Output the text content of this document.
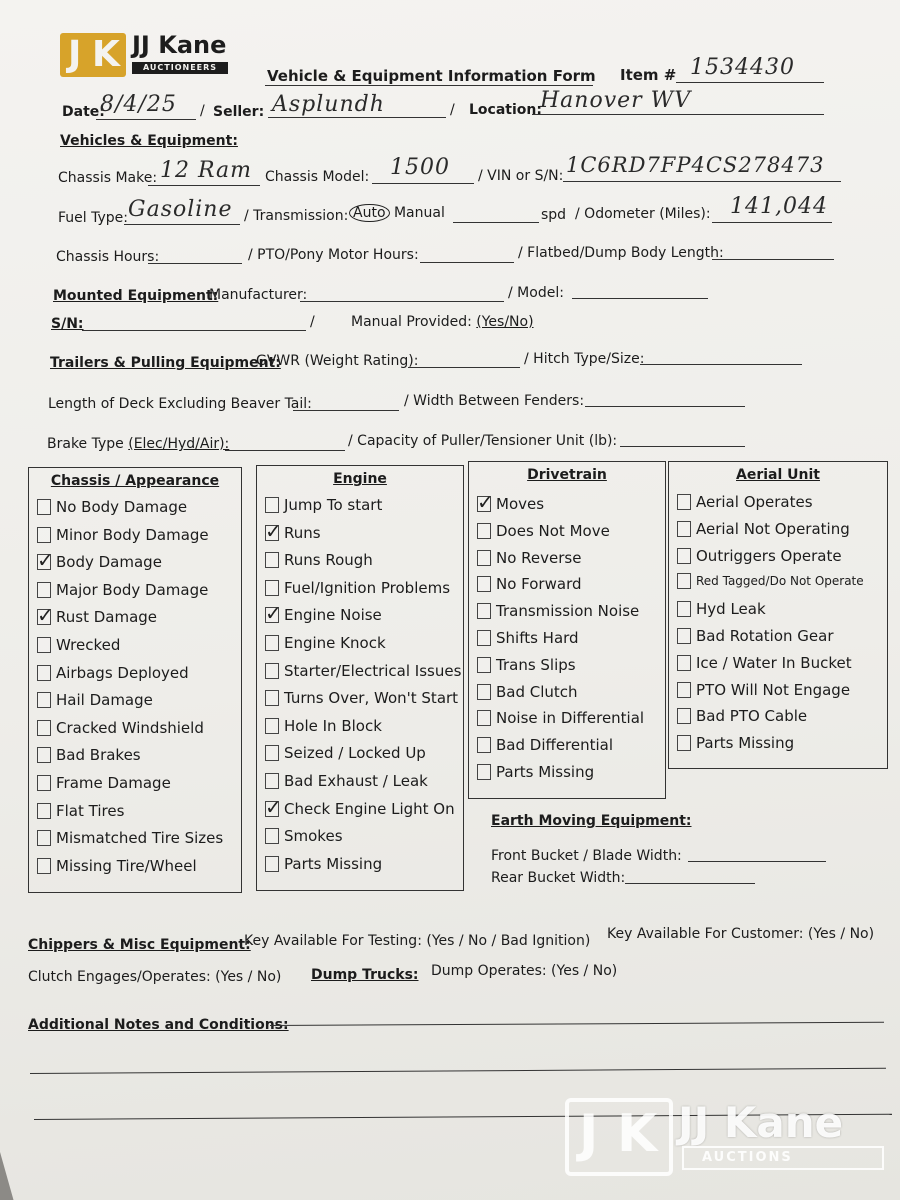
J K JJ Kane
AUCTIONEERS	Vehicle & Equipment Information Form Item # 1534430
Date:
8/4/25 / Seller: Asplundh	/ Location:
Hanover WV
Vehicles & Equipment:
Chassis Make: 12 Ram Chassis Model: 1500 / VIN or S/N: 1C6RD7FP4CS278473
Fuel Type: Gasoline / Transmission: Auto Manual	spd / Odometer (Miles): 141,044
Chassis Hours:	/ PTO/Pony Motor Hours:	/ Flatbed/Dump Body Length:
Mounted Equipment:
Manufacturer:	/ Model:
S/N:	/	Manual Provided: (Yes/No)
Trailers & Pulling Equipment:
GVWR (Weight Rating):	/ Hitch Type/Size:
Length of Deck Excluding Beaver Tail:	/ Width Between Fenders:
Brake Type (Elec/Hyd/Air):	/ Capacity of Puller/Tensioner Unit (lb):
Chassis / Appearance
No Body Damage
Minor Body Damage
✓
Body Damage
Major Body Damage
✓
Rust Damage
Wrecked
Airbags Deployed
Hail Damage
Cracked Windshield
Bad Brakes
Frame Damage
Flat Tires
Mismatched Tire Sizes
Missing Tire/Wheel
Engine
Jump To start
✓
Runs
Runs Rough
Fuel/Ignition Problems
✓
Engine Noise
Engine Knock
Starter/Electrical Issues
Turns Over, Won't Start
Hole In Block
Seized / Locked Up
Bad Exhaust / Leak
✓
Check Engine Light On
Smokes
Parts Missing
Drivetrain
✓
Moves
Does Not Move
No Reverse
No Forward
Transmission Noise
Shifts Hard
Trans Slips
Bad Clutch
Noise in Differential
Bad Differential
Parts Missing
Aerial Unit
Aerial Operates
Aerial Not Operating
Outriggers Operate
Red Tagged/Do Not Operate
Hyd Leak
Bad Rotation Gear
Ice / Water In Bucket
PTO Will Not Engage
Bad PTO Cable
Parts Missing
Earth Moving Equipment:
Front Bucket / Blade Width:
Rear Bucket Width:
Chippers & Misc Equipment:
Key Available For Testing: (Yes / No / Bad Ignition) Key Available For Customer: (Yes / No)
Clutch Engages/Operates: (Yes / No) Dump Trucks: Dump Operates: (Yes / No)
Additional Notes and Conditions:
J K JJ Kane
AUCTIONS
